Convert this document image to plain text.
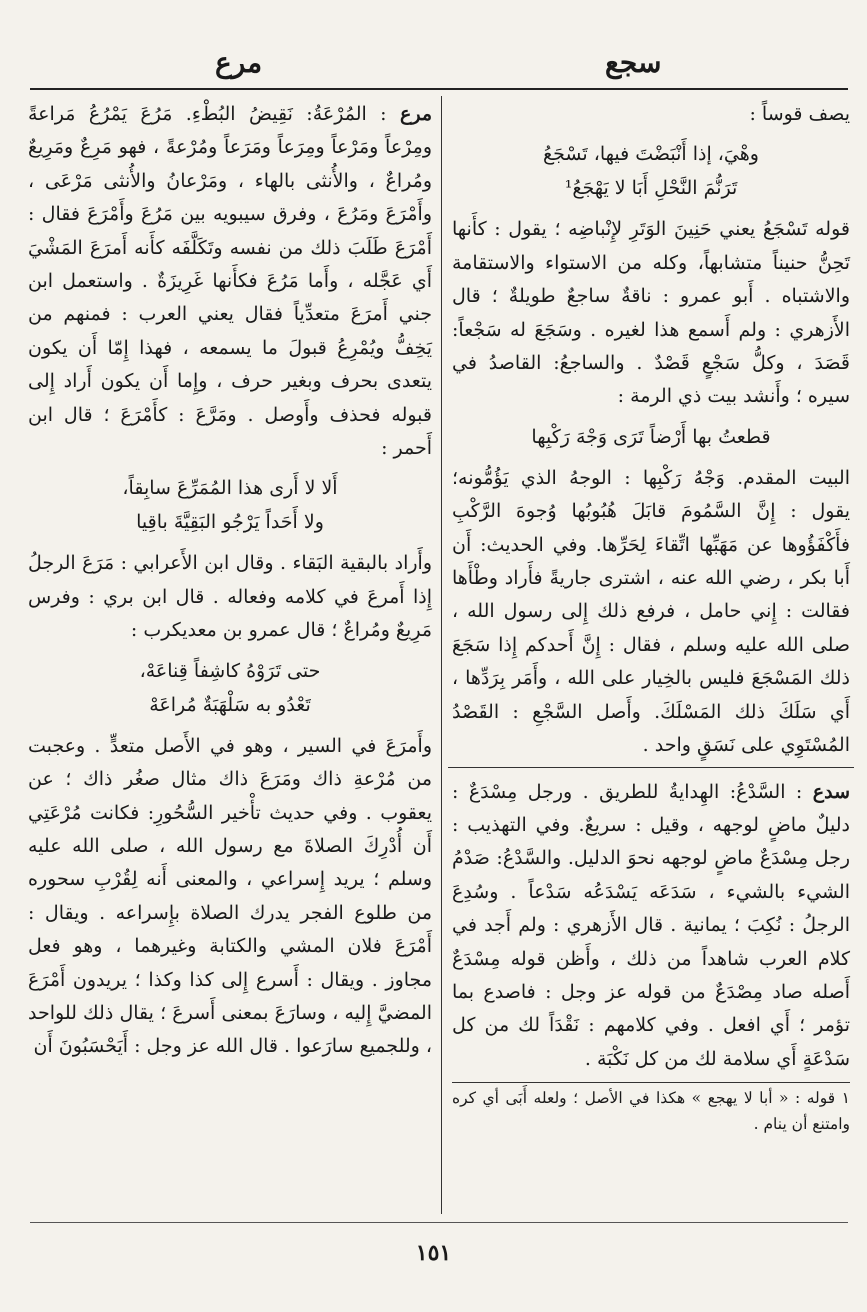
سجع
مرع

يصف قوساً :

وهْيَ، إذا أَنْبَضْتَ فيها، تَسْجَعُ
تَرَنُّمَ النَّحْلِ أَبَا لا يَهْجَعُ¹

قوله تَسْجَعُ يعني حَنِينَ الوَتَرِ لإِنْباضِه ؛ يقول : كأَنها تَحِنُّ حنيناً متشابهاً، وكله من الاستواء والاستقامة والاشتباه . أَبو عمرو : ناقةٌ ساجعٌ طويلةٌ ؛ قال الأَزهري : ولم أَسمع هذا لغيره . وسَجَعَ له سَجْعاً: قَصَدَ ، وكلُّ سَجْعٍ قَصْدٌ . والساجعُ: القاصدُ في سيره ؛ وأَنشد بيت ذي الرمة :

قطعتُ بها أَرْضاً تَرَى وَجْهَ رَكْبِها

البيت المقدم. وَجْهُ رَكْبِها : الوجهُ الذي يَؤُمُّونه؛ يقول : إِنَّ السَّمُومَ قابَلَ هُبُوبُها وُجوهَ الرَّكْبِ فأَكْفَؤُوها عن مَهَبِّها اتِّقاءَ لِحَرِّها. وفي الحديث: أَن أَبا بكر ، رضي الله عنه ، اشترى جاريةً فأَراد وطْأَها فقالت : إِني حامل ، فرفع ذلك إِلى رسول الله ، صلى الله عليه وسلم ، فقال : إِنَّ أَحدكم إِذا سَجَعَ ذلك المَسْجَعَ فليس بالخِيار على الله ، وأَمَر بِرَدِّها ، أَي سَلَكَ ذلك المَسْلَكَ. وأَصل السَّجْعِ : القَصْدُ المُسْتَوِي على نَسَقٍ واحد .

سدع : السَّدْعُ: الهِدايةُ للطريق . ورجل مِسْدَعٌ : دليلٌ ماضٍ لوجهه ، وقيل : سريعٌ. وفي التهذيب : رجل مِسْدَعٌ ماضٍ لوجهه نحوَ الدليل. والسَّدْعُ: صَدْمُ الشيء بالشيء ، سَدَعَه يَسْدَعُه سَدْعاً . وسُدِعَ الرجلُ : نُكِبَ ؛ يمانية . قال الأَزهري : ولم أَجد في كلام العرب شاهداً من ذلك ، وأَظن قوله مِسْدَعٌ أَصله صاد مِصْدَعٌ من قوله عز وجل : فاصدع بما تؤمر ؛ أَي افعل . وفي كلامهم : نَقْدَاً لك من كل سَدْعَةٍ أَي سلامة لك من كل نَكْبَة .

١ قوله : « أبا لا يهجع » هكذا في الأصل ؛ ولعله أَبَى أي كره وامتنع أن ينام .

مرع : المُرْعَةُ: نَقِيضُ البُطْءِ. مَرُعَ يَمْرُعُ مَراعةً ومِرْعاً ومَرْعاً ومِرَعاً ومَرَعاً ومُرْعةً ، فهو مَرِعٌ ومَرِيعٌ ومُراعٌ ، والأُنثى بالهاء ، ومَرْعانُ والأُنثى مَرْعَى ، وأَمْرَعَ ومَرُعَ ، وفرق سيبويه بين مَرُعَ وأَمْرَعَ فقال : أَمْرَعَ طَلَبَ ذلك من نفسه وتَكَلَّفَه كأَنه أَمرَعَ المَشْيَ أَي عَجَّله ، وأَما مَرُعَ فكأَنها غَرِيزَةٌ . واستعمل ابن جني أَمرَعَ متعدِّياً فقال يعني العرب : فمنهم من يَخِفُّ ويُمْرِعُ قبولَ ما يسمعه ، فهذا إِمّا أَن يكون يتعدى بحرف وبغير حرف ، وإِما أَن يكون أَراد إِلى قبوله فحذف وأَوصل . ومَرَّعَ : كأَمْرَعَ ؛ قال ابن أَحمر :

أَلا لا أَرى هذا المُمَرِّعَ سابِقاً،
ولا أَحَداً يَرْجُو البَقِيَّةَ باقِيا

وأَراد بالبقية البَقاء . وقال ابن الأَعرابي : مَرَعَ الرجلُ إِذا أَمرعَ في كلامه وفعاله . قال ابن بري : وفرس مَرِيعٌ ومُراعٌ ؛ قال عمرو بن معديكرب :

حتى تَرَوْهُ كاشِفاً قِناعَهْ،
تَعْدُو به سَلْهَبَةٌ مُراعَهْ

وأَمرَعَ في السير ، وهو في الأَصل متعدٍّ . وعجبت من مُرْعةِ ذاك ومَرَعَ ذاك مثال صغُر ذاك ؛ عن يعقوب . وفي حديث تأْخير السُّحُورِ: فكانت مُرْعَتِي أَن أُدْرِكَ الصلاةَ مع رسول الله ، صلى الله عليه وسلم ؛ يريد إِسراعي ، والمعنى أَنه لِقُرْبِ سحوره من طلوع الفجر يدرك الصلاة بإِسراعه . ويقال : أَمْرَعَ فلان المشي والكتابة وغيرهما ، وهو فعل مجاوز . ويقال : أَسرع إِلى كذا وكذا ؛ يريدون أَمْرَعَ المضيَّ إِليه ، وسارَعَ بمعنى أَسرعَ ؛ يقال ذلك للواحد ، وللجميع سارَعوا . قال الله عز وجل : أَيَحْسَبُونَ أَن

١٥١
